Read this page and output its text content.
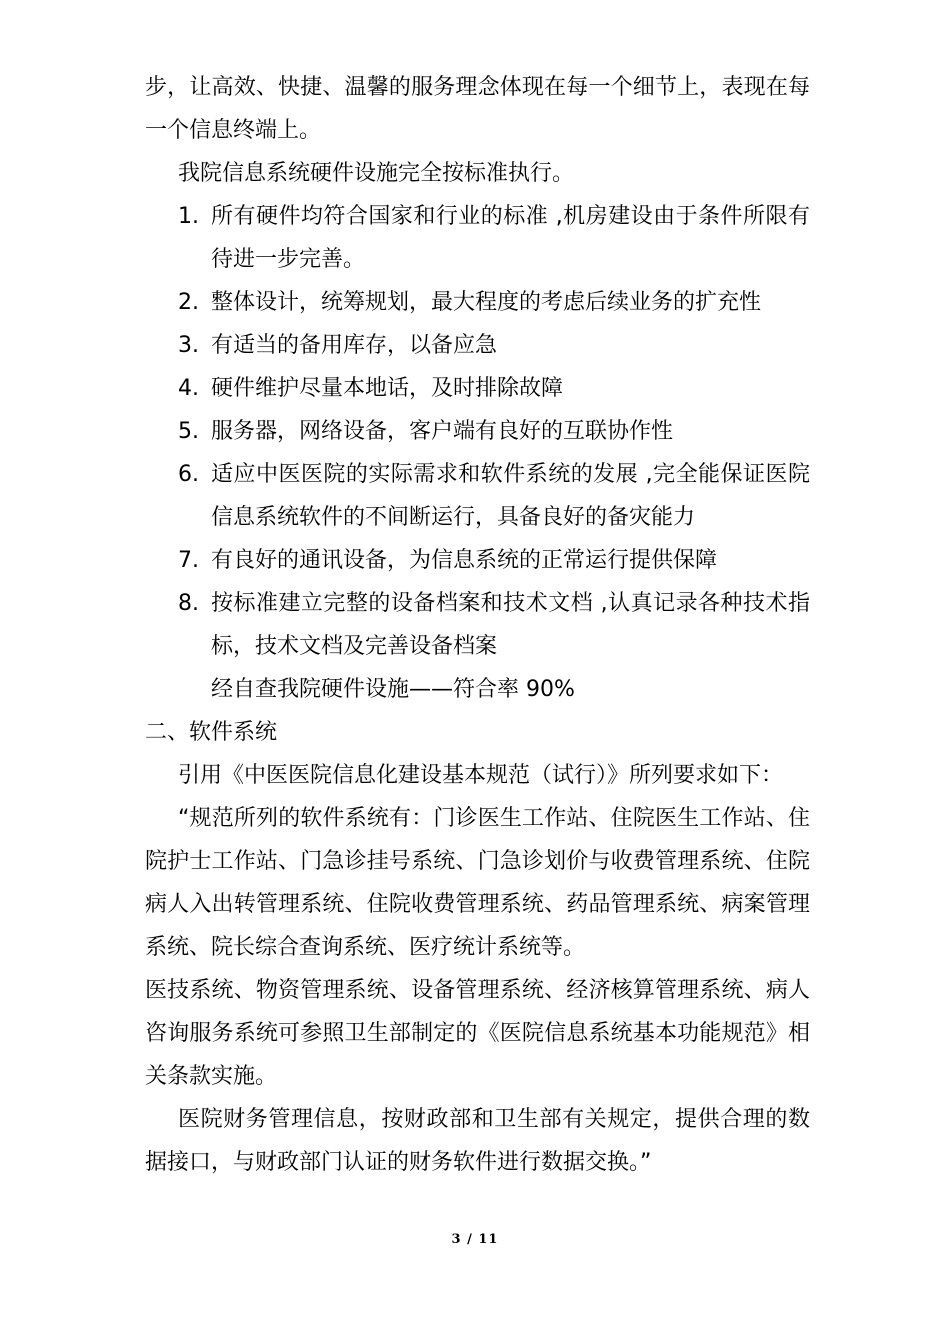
步，让高效、快捷、温馨的服务理念体现在每一个细节上，表现在每一个信息终端上。

我院信息系统硬件设施完全按标准执行。

1. 所有硬件均符合国家和行业的标准 ,机房建设由于条件所限有待进一步完善。
2. 整体设计，统筹规划，最大程度的考虑后续业务的扩充性
3. 有适当的备用库存，以备应急
4. 硬件维护尽量本地话，及时排除故障
5. 服务器，网络设备，客户端有良好的互联协作性
6. 适应中医医院的实际需求和软件系统的发展 ,完全能保证医院信息系统软件的不间断运行，具备良好的备灾能力
7. 有良好的通讯设备，为信息系统的正常运行提供保障
8. 按标准建立完整的设备档案和技术文档 ,认真记录各种技术指标，技术文档及完善设备档案

经自查我院硬件设施——符合率 90%

二、软件系统

引用《中医医院信息化建设基本规范（试行）》所列要求如下：

“规范所列的软件系统有：门诊医生工作站、住院医生工作站、住院护士工作站、门急诊挂号系统、门急诊划价与收费管理系统、住院病人入出转管理系统、住院收费管理系统、药品管理系统、病案管理系统、院长综合查询系统、医疗统计系统等。

医技系统、物资管理系统、设备管理系统、经济核算管理系统、病人咨询服务系统可参照卫生部制定的《医院信息系统基本功能规范》相关条款实施。

医院财务管理信息，按财政部和卫生部有关规定，提供合理的数据接口，与财政部门认证的财务软件进行数据交换。”

3 / 11
